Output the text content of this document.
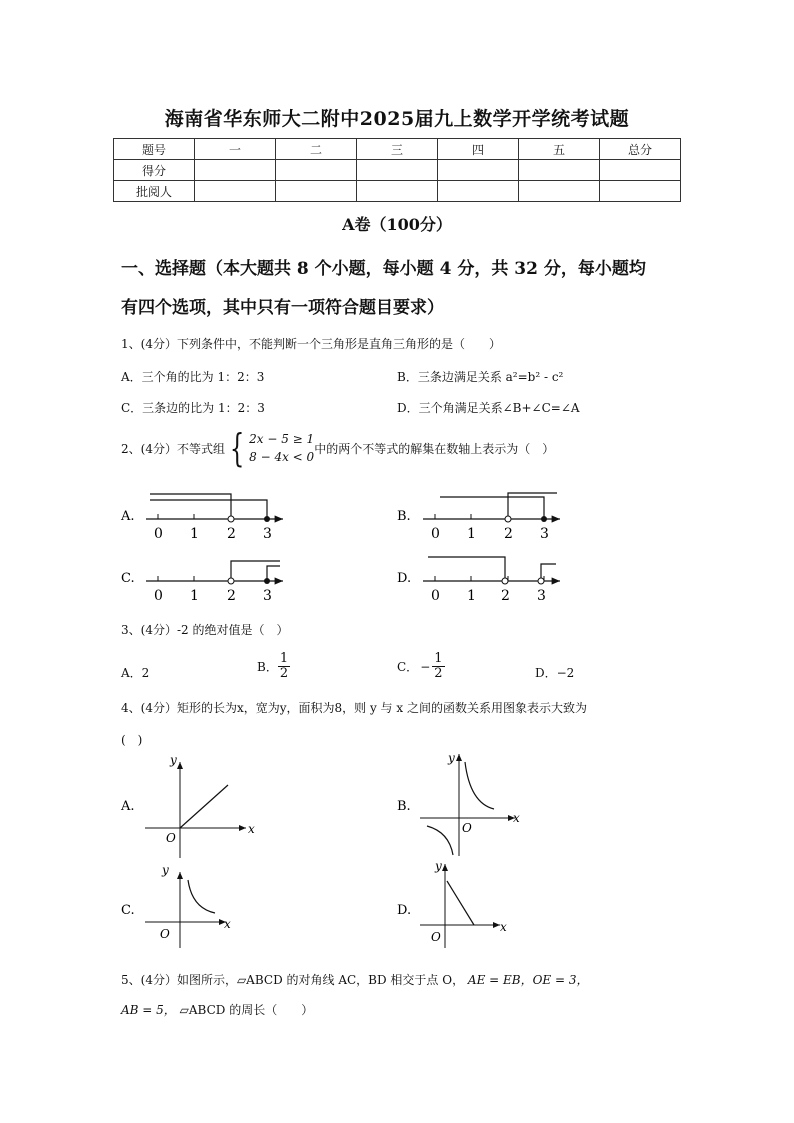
海南省华东师大二附中2025届九上数学开学统考试题
题号	一	二	三	四	五	总分
得分						
批阅人						
A卷（100分）
一、选择题（本大题共 8 个小题，每小题 4 分，共 32 分，每小题均
有四个选项，其中只有一项符合题目要求）
1、(4分）下列条件中，不能判断一个三角形是直角三角形的是（　　）
A．三个角的比为 1：2：3	B．三条边满足关系 a²=b² - c²
C．三条边的比为 1：2：3	D．三个角满足关系∠B+∠C=∠A
2、(4分）不等式组 { 2x − 5 ≥ 1
8 − 4x < 0
中的两个不等式的解集在数轴上表示为（　）
A.
0 1 2 3
B.
0 1 2 3
C.
0 1 2 3
D.
0 1 2 3
3、(4分）-2 的绝对值是（　）
A．2	B． $\frac{1}{2}$	C． − $\frac{1}{2}$	D．−2
4、(4分）矩形的长为x，宽为y，面积为8，则 y 与 x 之间的函数关系用图象表示大致为
(　)
A.
y
x
O
B.
y
x
O
C.
y
x
O
D.
y
x
O
5、(4分）如图所示，▱ABCD 的对角线 AC，BD 相交于点 O， AE = EB，OE = 3，
AB = 5， ▱ABCD 的周长（　　）
